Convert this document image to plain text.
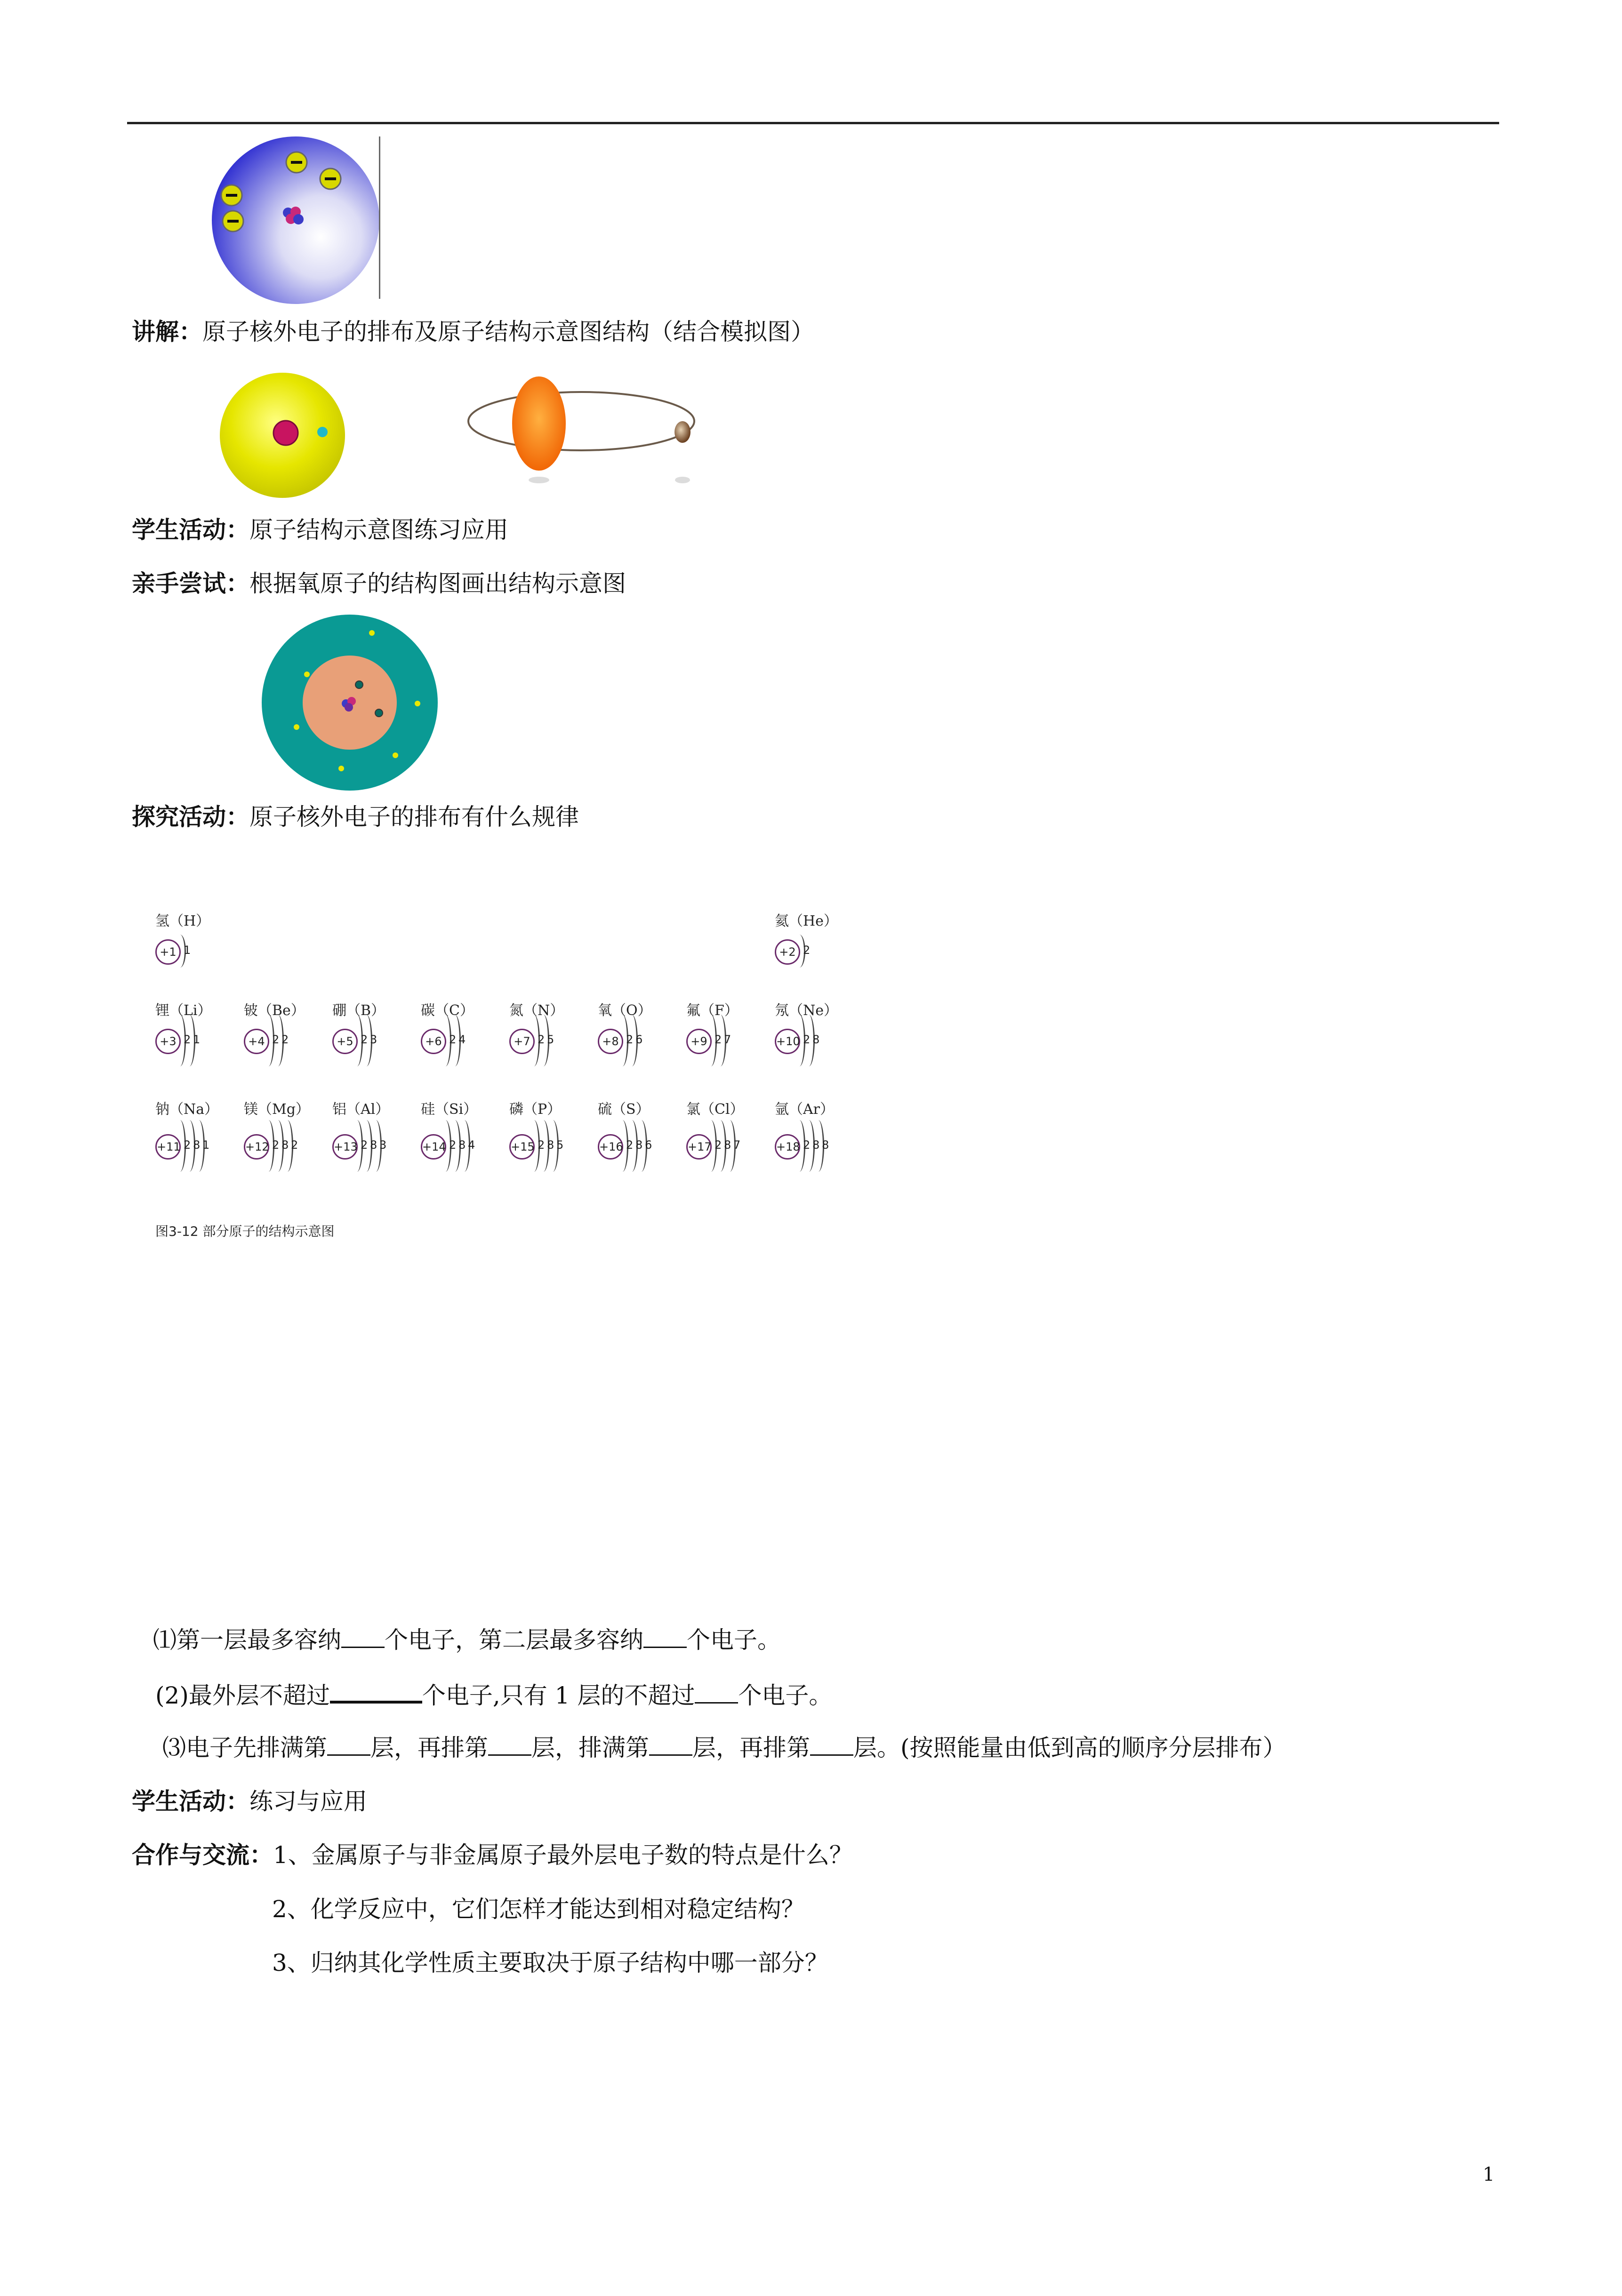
讲解：原子核外电子的排布及原子结构示意图结构（结合模拟图）
学生活动：原子结构示意图练习应用
亲手尝试：根据氧原子的结构图画出结构示意图
探究活动：原子核外电子的排布有什么规律
氢（H）
+1 1
氦（He）
+2 2
锂（Li）
+3 2 1
铍（Be）
+4 2 2
硼（B）
+5 2 3
碳（C）
+6 2 4
氮（N）
+7 2 5
氧（O）
+8 2 6
氟（F）
+9 2 7
氖（Ne）
+10 2 8
钠（Na）
+11 2 8 1
镁（Mg）
+12 2 8 2
铝（Al）
+13 2 8 3
硅（Si）
+14 2 8 4
磷（P）
+15 2 8 5
硫（S）
+16 2 8 6
氯（Cl）
+17 2 8 7
氩（Ar）
+18 2 8 8
图3-12 部分原子的结构示意图
⑴第一层最多容纳 个电子，第二层最多容纳 个电子。
(2)最外层不超过	个电子,只有 1 层的不超过 个电子。
⑶电子先排满第 层，再排第 层，排满第 层，再排第 层。(按照能量由低到高的顺序分层排布）
学生活动：练习与应用
合作与交流：1、金属原子与非金属原子最外层电子数的特点是什么？
2、化学反应中，它们怎样才能达到相对稳定结构？
3、归纳其化学性质主要取决于原子结构中哪一部分？
1
